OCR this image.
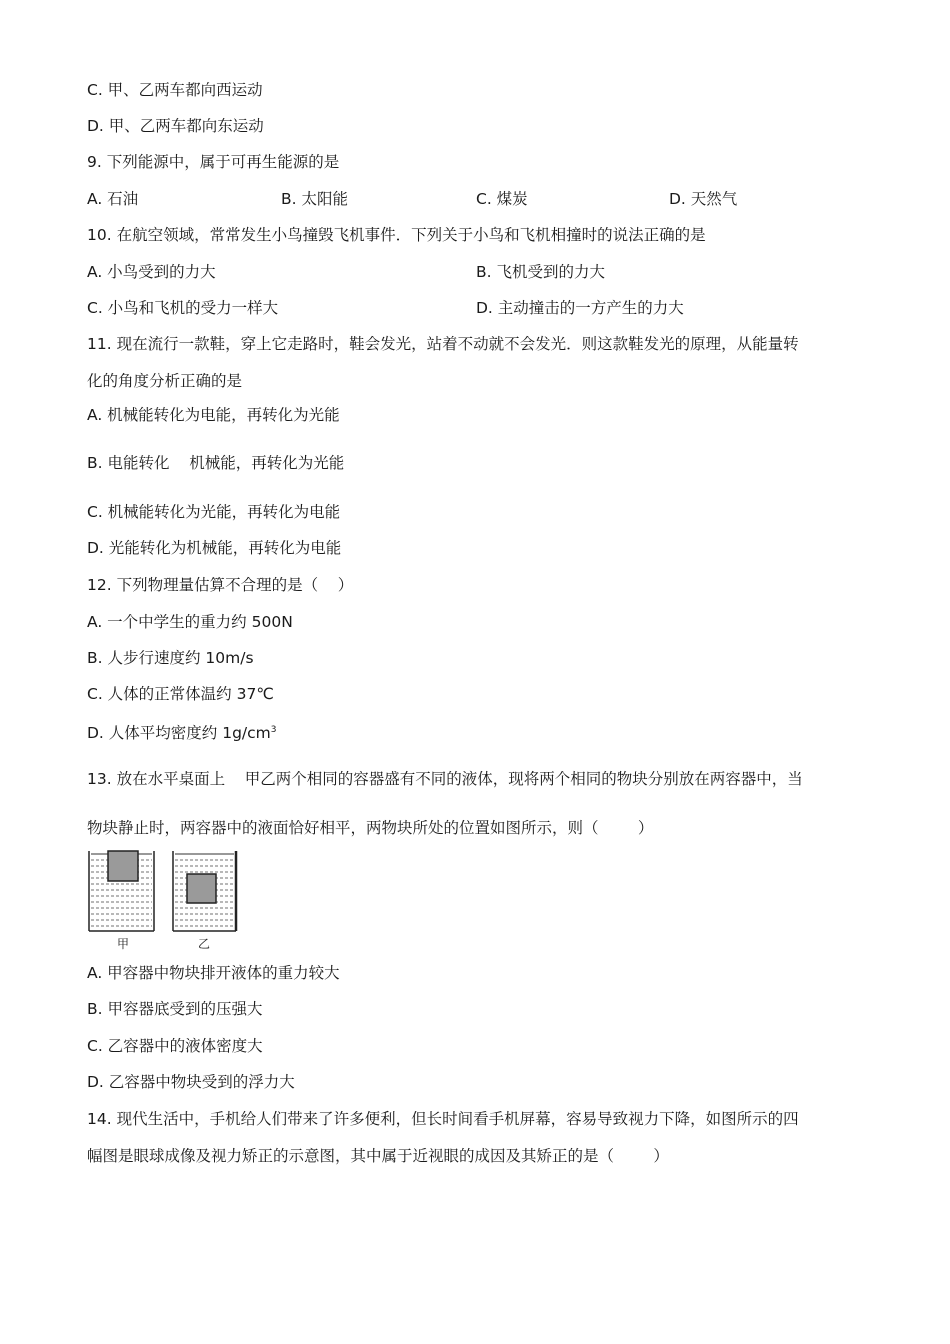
C. 甲、乙两车都向西运动
D. 甲、乙两车都向东运动
9. 下列能源中，属于可再生能源的是
A. 石油	B. 太阳能	C. 煤炭	D. 天然气
10. 在航空领域，常常发生小鸟撞毁飞机事件．下列关于小鸟和飞机相撞时的说法正确的是
A. 小鸟受到的力大	B. 飞机受到的力大
C. 小鸟和飞机的受力一样大	D. 主动撞击的一方产生的力大
11. 现在流行一款鞋，穿上它走路时，鞋会发光，站着不动就不会发光．则这款鞋发光的原理，从能量转
化的角度分析正确的是
A. 机械能转化为电能，再转化为光能
B. 电能转化    机械能，再转化为光能
C. 机械能转化为光能，再转化为电能
D. 光能转化为机械能，再转化为电能
12. 下列物理量估算不合理的是（    ）
A. 一个中学生的重力约 500N
B. 人步行速度约 10m/s
C. 人体的正常体温约 37℃
D. 人体平均密度约 $1g/cm^3$
13. 放在水平桌面上    甲乙两个相同的容器盛有不同的液体，现将两个相同的物块分别放在两容器中，当
物块静止时，两容器中的液面恰好相平，两物块所处的位置如图所示，则（        ）
甲	乙
A. 甲容器中物块排开液体的重力较大
B. 甲容器底受到的压强大
C. 乙容器中的液体密度大
D. 乙容器中物块受到的浮力大
14. 现代生活中，手机给人们带来了许多便利，但长时间看手机屏幕，容易导致视力下降，如图所示的四
幅图是眼球成像及视力矫正的示意图，其中属于近视眼的成因及其矫正的是（        ）
